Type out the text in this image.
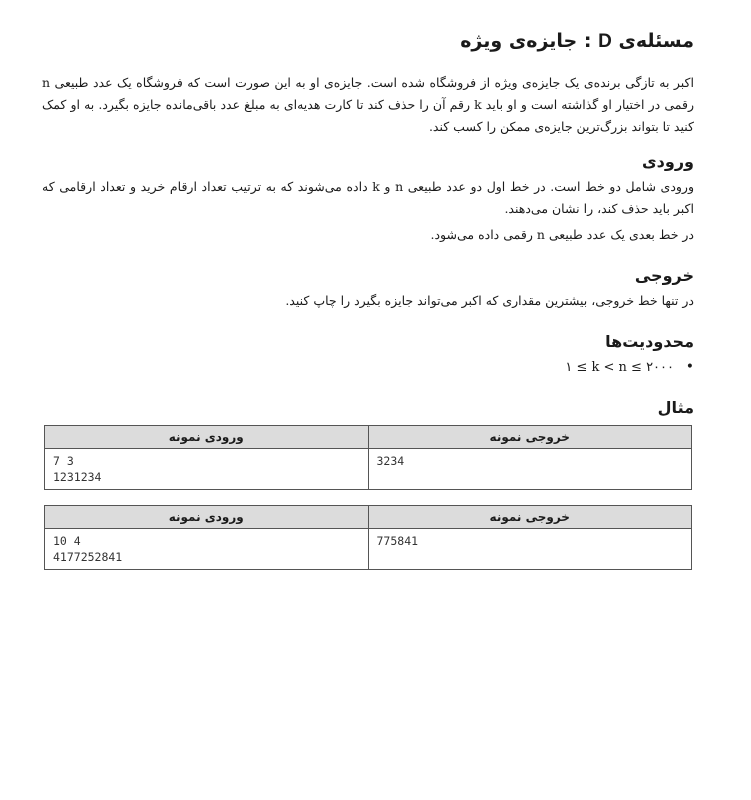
مسئله‌ی D : جایزه‌ی ویژه
اکبر به تازگی برنده‌ی یک جایزه‌ی ویژه از فروشگاه شده است. جایزه‌ی او به این صورت است که فروشگاه یک عدد طبیعی n رقمی در اختیار او گذاشته است و او باید k رقم آن را حذف کند تا کارت هدیه‌ای به مبلغ عدد باقی‌مانده جایزه بگیرد. به او کمک کنید تا بتواند بزرگ‌ترین جایزه‌ی ممکن را کسب کند.
ورودی
ورودی شامل دو خط است. در خط اول دو عدد طبیعی n و k داده می‌شوند که به ترتیب تعداد ارقام خرید و تعداد ارقامی که اکبر باید حذف کند، را نشان می‌دهند.
در خط بعدی یک عدد طبیعی n رقمی داده می‌شود.
خروجی
در تنها خط خروجی، بیشترین مقداری که اکبر می‌تواند جایزه بگیرد را چاپ کنید.
محدودیت‌ها
•
۱ ≤ k < n ≤ ۲۰۰۰
مثال
ورودی نمونه	خروجی نمونه
7 3
1231234	3234
ورودی نمونه	خروجی نمونه
10 4
4177252841	775841
